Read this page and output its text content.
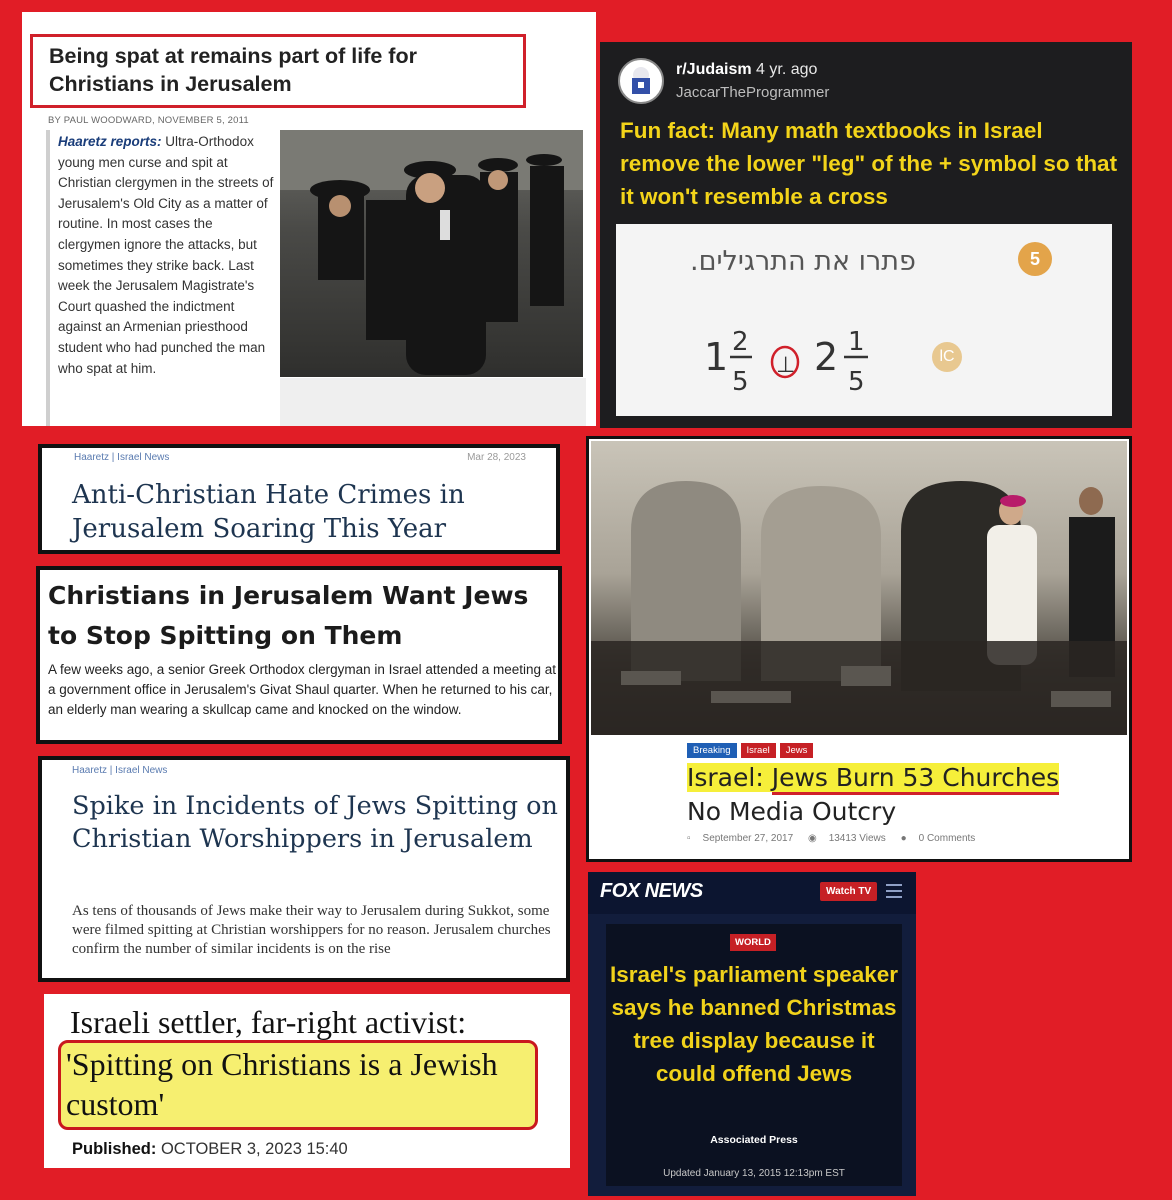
Being spat at remains part of life for Christians in Jerusalem
BY PAUL WOODWARD, NOVEMBER 5, 2011
Haaretz reports: Ultra-Orthodox young men curse and spit at Christian clergymen in the streets of Jerusalem's Old City as a matter of routine. In most cases the clergymen ignore the attacks, but sometimes they strike back. Last week the Jerusalem Magistrate's Court quashed the indictment against an Armenian priesthood student who had punched the man who spat at him.
r/Judaism 4 yr. ago
JaccarTheProgrammer
Fun fact: Many math textbooks in Israel remove the lower "leg" of the + symbol so that it won't resemble a cross
פתרו את התרגילים.	5
1 2
5
⊥ 2 1
5
lC
Haaretz | Israel News	Mar 28, 2023
Anti-Christian Hate Crimes in Jerusalem Soaring This Year
Christians in Jerusalem Want Jews to Stop Spitting on Them
A few weeks ago, a senior Greek Orthodox clergyman in Israel attended a meeting at a government office in Jerusalem's Givat Shaul quarter. When he returned to his car, an elderly man wearing a skullcap came and knocked on the window.
Haaretz | Israel News
Spike in Incidents of Jews Spitting on Christian Worshippers in Jerusalem
As tens of thousands of Jews make their way to Jerusalem during Sukkot, some were filmed spitting at Christian worshippers for no reason. Jerusalem churches confirm the number of similar incidents is on the rise
Israeli settler, far-right activist:
'Spitting on Christians is a Jewish custom'
Published: OCTOBER 3, 2023 15:40
Breaking	Israel	Jews
Israel: Jews Burn 53 Churches
No Media Outcry
▫ September 27, 2017 ◉ 13413 Views ● 0 Comments
FOX NEWS	Watch TV
WORLD
Israel's parliament speaker says he banned Christmas tree display because it could offend Jews
Associated Press
Updated January 13, 2015 12:13pm EST
